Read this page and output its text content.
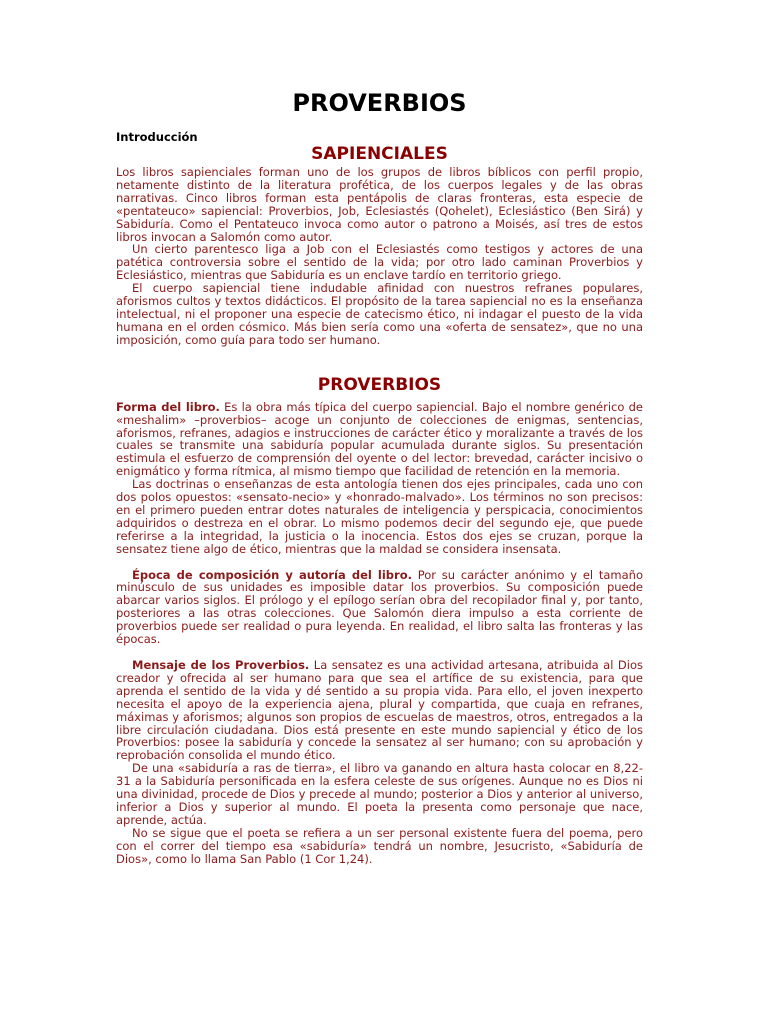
PROVERBIOS
Introducción
SAPIENCIALES

Los libros sapienciales forman uno de los grupos de libros bíblicos con perfil propio, netamente distinto de la literatura profética, de los cuerpos legales y de las obras narrativas. Cinco libros forman esta pentápolis de claras fronteras, esta especie de «pentateuco» sapiencial: Proverbios, Job, Eclesiastés (Qohelet), Eclesiástico (Ben Sirá) y Sabiduría. Como el Pentateuco invoca como autor o patrono a Moisés, así tres de estos libros invocan a Salomón como autor.

Un cierto parentesco liga a Job con el Eclesiastés como testigos y actores de una patética controversia sobre el sentido de la vida; por otro lado caminan Proverbios y Eclesiástico, mientras que Sabiduría es un enclave tardío en territorio griego.

El cuerpo sapiencial tiene indudable afinidad con nuestros refranes populares, aforismos cultos y textos didácticos. El propósito de la tarea sapiencial no es la enseñanza intelectual, ni el proponer una especie de catecismo ético, ni indagar el puesto de la vida humana en el orden cósmico. Más bien sería como una «oferta de sensatez», que no una imposición, como guía para todo ser humano.

PROVERBIOS

Forma del libro. Es la obra más típica del cuerpo sapiencial. Bajo el nombre genérico de «meshalim» –proverbios– acoge un conjunto de colecciones de enigmas, sentencias, aforismos, refranes, adagios e instrucciones de carácter ético y moralizante a través de los cuales se transmite una sabiduría popular acumulada durante siglos. Su presentación estimula el esfuerzo de comprensión del oyente o del lector: brevedad, carácter incisivo o enigmático y forma rítmica, al mismo tiempo que facilidad de retención en la memoria.

Las doctrinas o enseñanzas de esta antología tienen dos ejes principales, cada uno con dos polos opuestos: «sensato-necio» y «honrado-malvado». Los términos no son precisos: en el primero pueden entrar dotes naturales de inteligencia y perspicacia, conocimientos adquiridos o destreza en el obrar. Lo mismo podemos decir del segundo eje, que puede referirse a la integridad, la justicia o la inocencia. Estos dos ejes se cruzan, porque la sensatez tiene algo de ético, mientras que la maldad se considera insensata.

Época de composición y autoría del libro. Por su carácter anónimo y el tamaño minúsculo de sus unidades es imposible datar los proverbios. Su composición puede abarcar varios siglos. El prólogo y el epílogo serían obra del recopilador final y, por tanto, posteriores a las otras colecciones. Que Salomón diera impulso a esta corriente de proverbios puede ser realidad o pura leyenda. En realidad, el libro salta las fronteras y las épocas.

Mensaje de los Proverbios. La sensatez es una actividad artesana, atribuida al Dios creador y ofrecida al ser humano para que sea el artífice de su existencia, para que aprenda el sentido de la vida y dé sentido a su propia vida. Para ello, el joven inexperto necesita el apoyo de la experiencia ajena, plural y compartida, que cuaja en refranes, máximas y aforismos; algunos son propios de escuelas de maestros, otros, entregados a la libre circulación ciudadana. Dios está presente en este mundo sapiencial y ético de los Proverbios: posee la sabiduría y concede la sensatez al ser humano; con su aprobación y reprobación consolida el mundo ético.

De una «sabiduría a ras de tierra», el libro va ganando en altura hasta colocar en 8,22-31 a la Sabiduría personificada en la esfera celeste de sus orígenes. Aunque no es Dios ni una divinidad, procede de Dios y precede al mundo; posterior a Dios y anterior al universo, inferior a Dios y superior al mundo. El poeta la presenta como personaje que nace, aprende, actúa.

No se sigue que el poeta se refiera a un ser personal existente fuera del poema, pero con el correr del tiempo esa «sabiduría» tendrá un nombre, Jesucristo, «Sabiduría de Dios», como lo llama San Pablo (1 Cor 1,24).
